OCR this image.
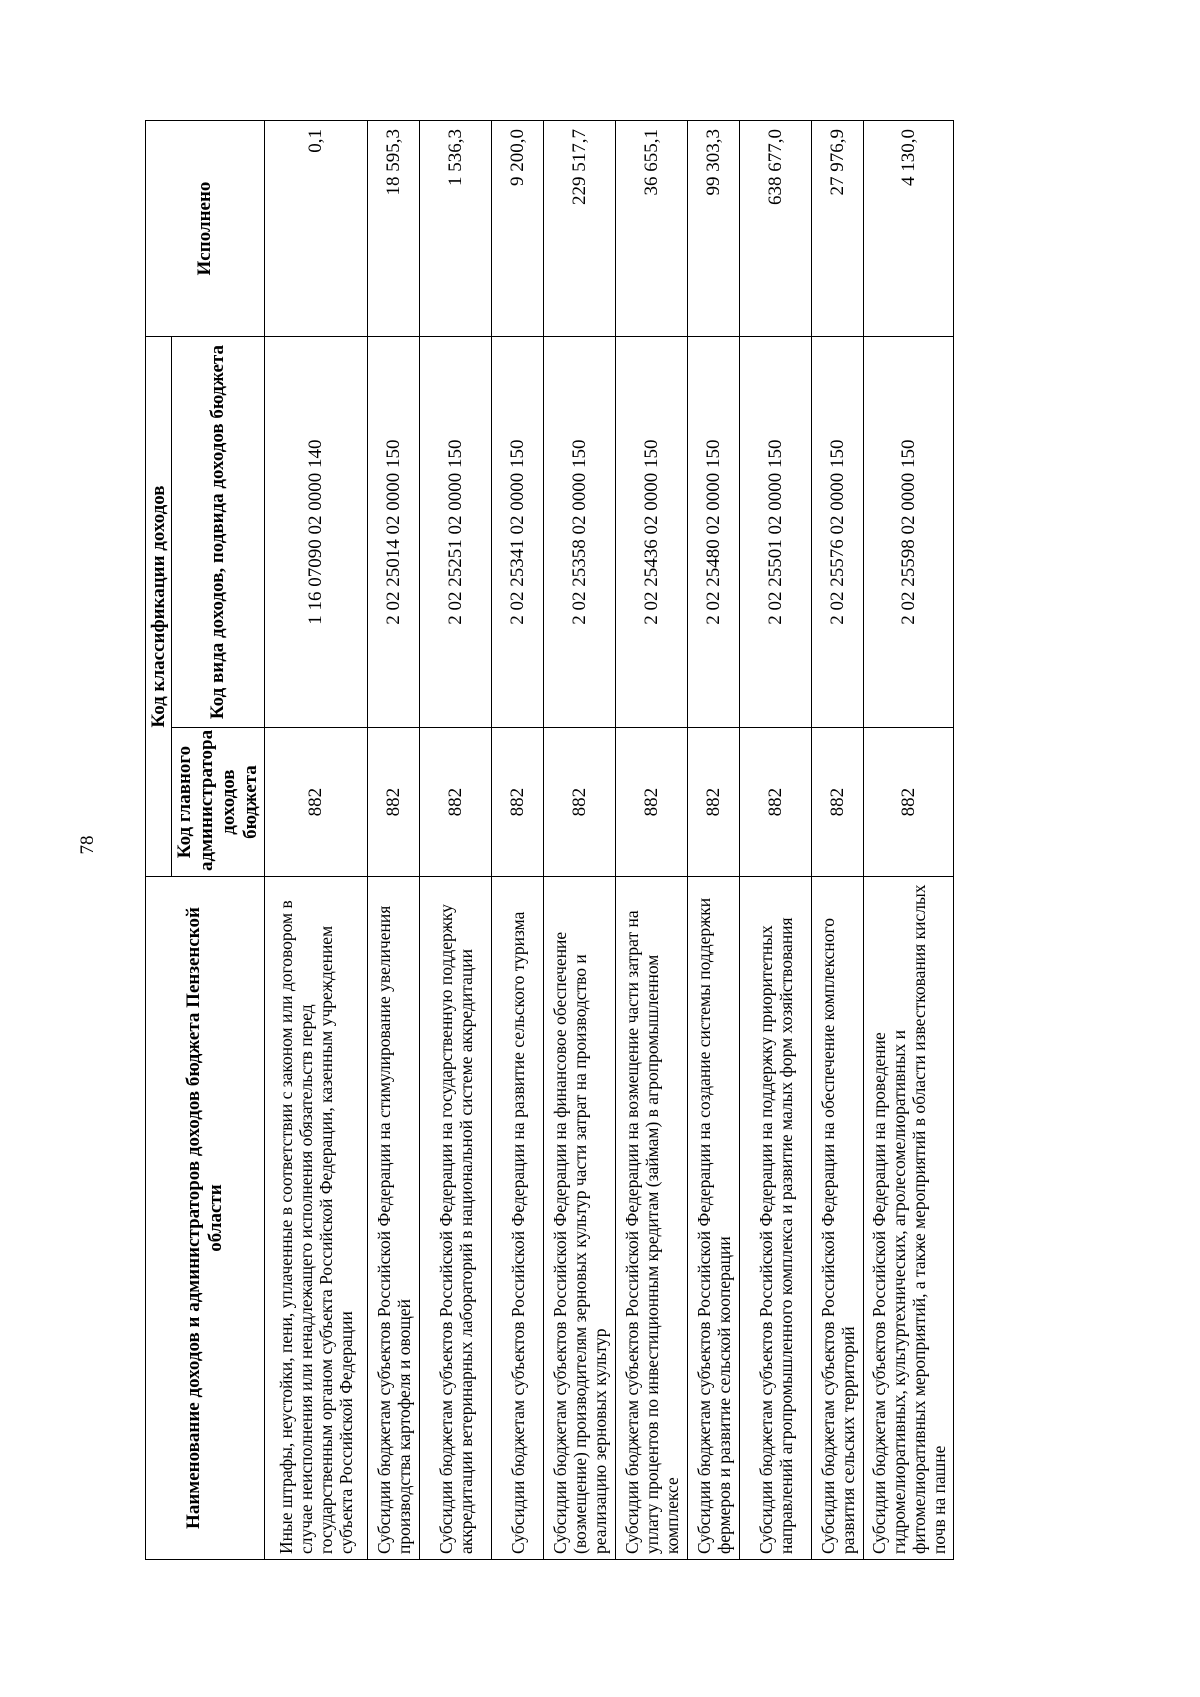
78
Наименование доходов и администраторов доходов бюджета Пензенской области	Код классификации доходов		Исполнено
	Код главного администратора доходов бюджета	Код вида доходов, подвида доходов бюджета	
Иные штрафы, неустойки, пени, уплаченные в соответствии с законом или договором в случае неисполнения или ненадлежащего исполнения обязательств перед государственным органом субъекта Российской Федерации, казенным учреждением субъекта Российской Федерации	882	1 16 07090 02 0000 140	0,1
Субсидии бюджетам субъектов Российской Федерации на стимулирование увеличения производства картофеля и овощей	882	2 02 25014 02 0000 150	18 595,3
Субсидии бюджетам субъектов Российской Федерации на государственную поддержку аккредитации ветеринарных лабораторий в национальной системе аккредитации	882	2 02 25251 02 0000 150	1 536,3
Субсидии бюджетам субъектов Российской Федерации на развитие сельского туризма	882	2 02 25341 02 0000 150	9 200,0
Субсидии бюджетам субъектов Российской Федерации на финансовое обеспечение (возмещение) производителям зерновых культур части затрат на производство и реализацию зерновых культур	882	2 02 25358 02 0000 150	229 517,7
Субсидии бюджетам субъектов Российской Федерации на возмещение части затрат на уплату процентов по инвестиционным кредитам (займам) в агропромышленном комплексе	882	2 02 25436 02 0000 150	36 655,1
Субсидии бюджетам субъектов Российской Федерации на создание системы поддержки фермеров и развитие сельской кооперации	882	2 02 25480 02 0000 150	99 303,3
Субсидии бюджетам субъектов Российской Федерации на поддержку приоритетных направлений агропромышленного комплекса и развитие малых форм хозяйствования	882	2 02 25501 02 0000 150	638 677,0
Субсидии бюджетам субъектов Российской Федерации на обеспечение комплексного развития сельских территорий	882	2 02 25576 02 0000 150	27 976,9
Субсидии бюджетам субъектов Российской Федерации на проведение гидромелиоративных, культуртехнических, агролесомелиоративных и фитомелиоративных мероприятий, а также мероприятий в области известкования кислых почв на пашне	882	2 02 25598 02 0000 150	4 130,0
